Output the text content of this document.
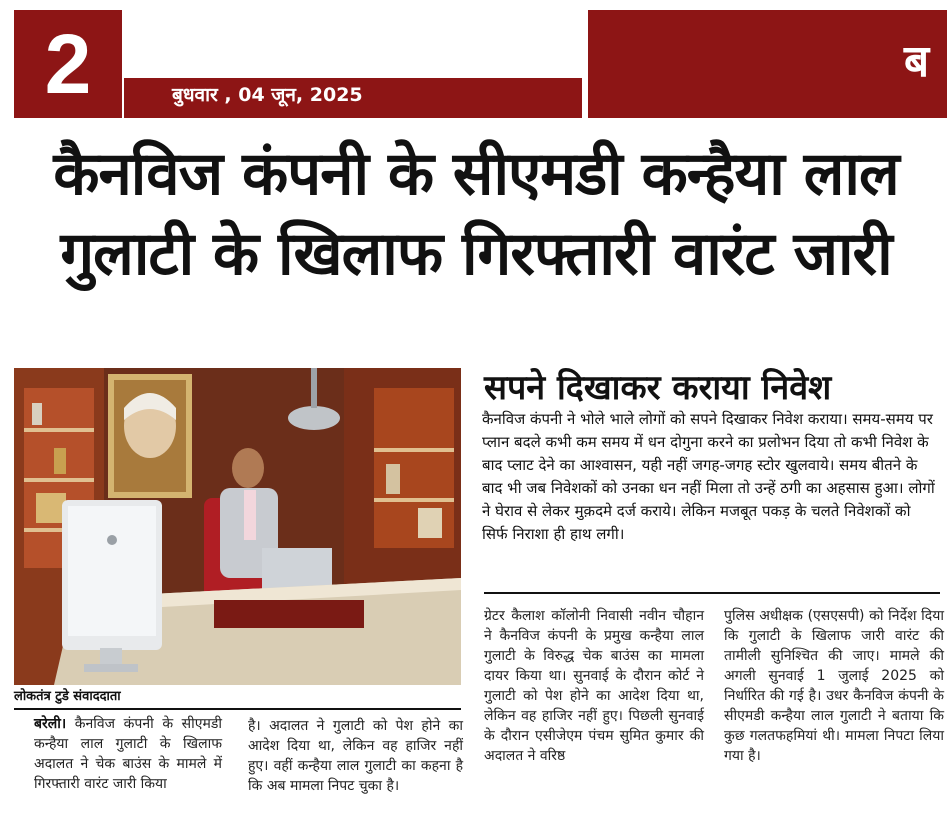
2	बुधवार , 04 जून, 2025
ब
कैनविज कंपनी के सीएमडी कन्हैया लाल
गुलाटी के खिलाफ गिरफ्तारी वारंट जारी
लोकतंत्र टुडे संवाददाता
सपने दिखाकर कराया निवेश
कैनविज कंपनी ने भोले भाले लोगों को सपने दिखाकर निवेश कराया। समय-समय पर प्लान बदले कभी कम समय में धन दोगुना करने का प्रलोभन दिया तो कभी निवेश के बाद प्लाट देने का आश्वासन, यही नहीं जगह-जगह स्टोर खुलवाये। समय बीतने के बाद भी जब निवेशकों को उनका धन नहीं मिला तो उन्हें ठगी का अहसास हुआ। लोगों ने घेराव से लेकर मुक़दमे दर्ज कराये। लेकिन मजबूत पकड़ के चलते निवेशकों को सिर्फ निराशा ही हाथ लगी।

बरेली। कैनविज कंपनी के सीएमडी कन्हैया लाल गुलाटी के खिलाफ अदालत ने चेक बाउंस के मामले में गिरफ्तारी वारंट जारी किया

है। अदालत ने गुलाटी को पेश होने का आदेश दिया था, लेकिन वह हाजिर नहीं हुए। वहीं कन्हैया लाल गुलाटी का कहना है कि अब मामला निपट चुका है।

ग्रेटर कैलाश कॉलोनी निवासी नवीन चौहान ने कैनविज कंपनी के प्रमुख कन्हैया लाल गुलाटी के विरुद्ध चेक बाउंस का मामला दायर किया था। सुनवाई के दौरान कोर्ट ने गुलाटी को पेश होने का आदेश दिया था, लेकिन वह हाजिर नहीं हुए। पिछली सुनवाई के दौरान एसीजेएम पंचम सुमित कुमार की अदालत ने वरिष्ठ

पुलिस अधीक्षक (एसएसपी) को निर्देश दिया कि गुलाटी के खिलाफ जारी वारंट की तामीली सुनिश्चित की जाए। मामले की अगली सुनवाई 1 जुलाई 2025 को निर्धारित की गई है। उधर कैनविज कंपनी के सीएमडी कन्हैया लाल गुलाटी ने बताया कि कुछ गलतफहमियां थी। मामला निपटा लिया गया है।
